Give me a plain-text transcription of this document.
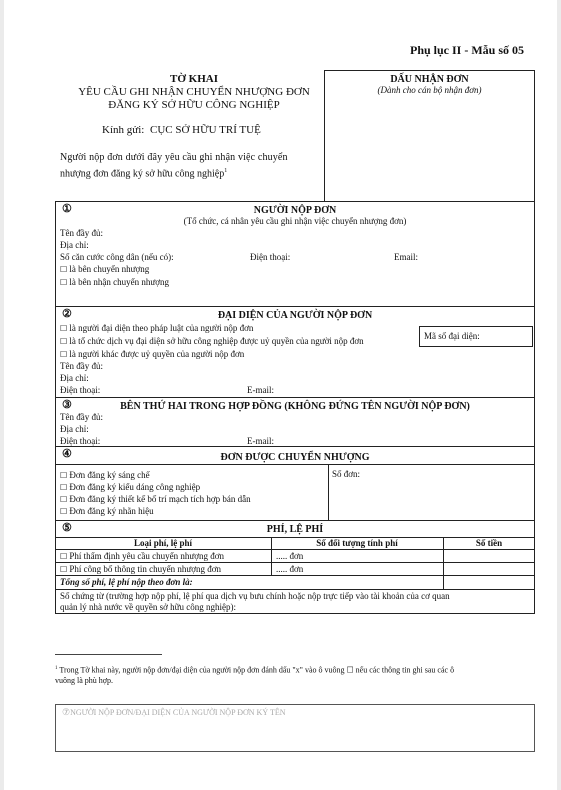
Phụ lục II - Mẫu số 05
TỜ KHAI
YÊU CẦU GHI NHẬN CHUYỂN NHƯỢNG ĐƠN
ĐĂNG KÝ SỞ HỮU CÔNG NGHIỆP
Kính gửi: CỤC SỞ HỮU TRÍ TUỆ
Người nộp đơn dưới đây yêu cầu ghi nhận việc chuyển
nhượng đơn đăng ký sở hữu công nghiệp$^1$
DẤU NHẬN ĐƠN
(Dành cho cán bộ nhận đơn)
①	NGƯỜI NỘP ĐƠN
(Tổ chức, cá nhân yêu cầu ghi nhận việc chuyển nhượng đơn)
Tên đầy đủ:
Địa chỉ:
Số căn cước công dân (nếu có):	Điện thoại:	Email:
☐ là bên chuyển nhượng
☐ là bên nhận chuyển nhượng
②	ĐẠI DIỆN CỦA NGƯỜI NỘP ĐƠN
☐ là người đại diện theo pháp luật của người nộp đơn
☐ là tổ chức dịch vụ đại diện sở hữu công nghiệp được uỷ quyền của người nộp đơn
☐ là người khác được uỷ quyền của người nộp đơn
Mã số đại diện:
Tên đầy đủ:
Địa chỉ:
Điện thoại:	E-mail:
③	BÊN THỨ HAI TRONG HỢP ĐỒNG (KHÔNG ĐỨNG TÊN NGƯỜI NỘP ĐƠN)
Tên đầy đủ:
Địa chỉ:
Điện thoại:	E-mail:
④	ĐƠN ĐƯỢC CHUYỂN NHƯỢNG
☐ Đơn đăng ký sáng chế
☐ Đơn đăng ký kiểu dáng công nghiệp
☐ Đơn đăng ký thiết kế bố trí mạch tích hợp bán dẫn
☐ Đơn đăng ký nhãn hiệu
Số đơn:
⑤	PHÍ, LỆ PHÍ
Loại phí, lệ phí	Số đối tượng tính phí	Số tiền
☐ Phí thẩm định yêu cầu chuyển nhượng đơn	..... đơn
☐ Phí công bố thông tin chuyển nhượng đơn	..... đơn
Tổng số phí, lệ phí nộp theo đơn là:
Số chứng từ (trường hợp nộp phí, lệ phí qua dịch vụ bưu chính hoặc nộp trực tiếp vào tài khoản của cơ quan
quản lý nhà nước về quyền sở hữu công nghiệp):
$^1$ Trong Tờ khai này, người nộp đơn/đại diện của người nộp đơn đánh dấu "x" vào ô vuông ☐ nếu các thông tin ghi sau các ô
vuông là phù hợp.
⑦NGƯỜI NỘP ĐƠN/ĐẠI DIỆN CỦA NGƯỜI NỘP ĐƠN KÝ TÊN
